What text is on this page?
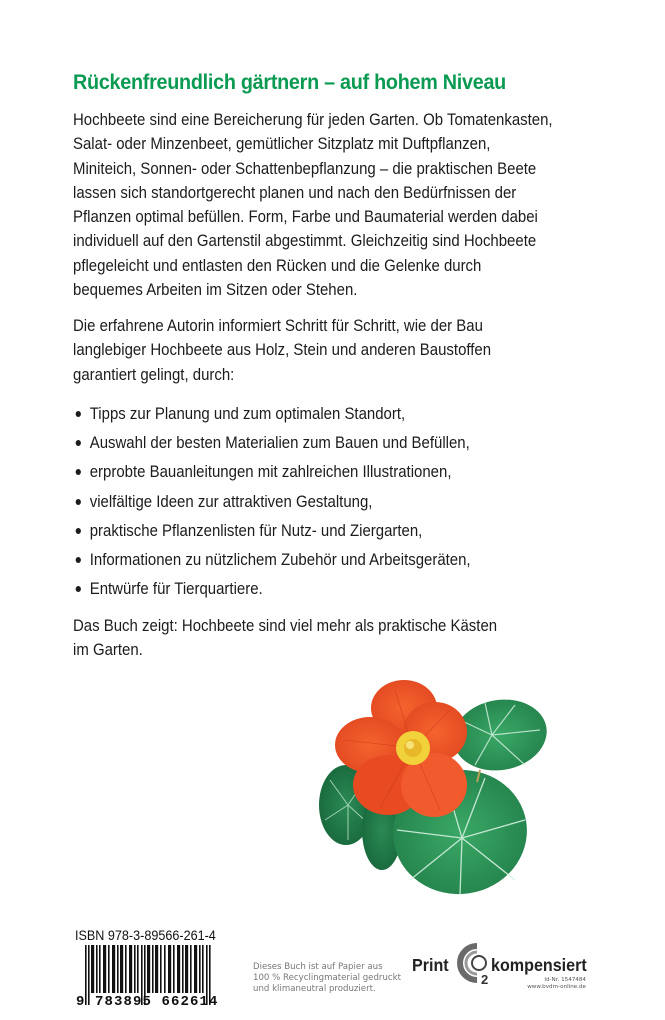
Rückenfreundlich gärtnern – auf hohem Niveau
Hochbeete sind eine Bereicherung für jeden Garten. Ob Tomatenkasten,
Salat- oder Minzenbeet, gemütlicher Sitzplatz mit Duftpflanzen,
Miniteich, Sonnen- oder Schattenbepflanzung – die praktischen Beete
lassen sich standortgerecht planen und nach den Bedürfnissen der
Pflanzen optimal befüllen. Form, Farbe und Baumaterial werden dabei
individuell auf den Gartenstil abgestimmt. Gleichzeitig sind Hochbeete
pflegeleicht und entlasten den Rücken und die Gelenke durch
bequemes Arbeiten im Sitzen oder Stehen.
Die erfahrene Autorin informiert Schritt für Schritt, wie der Bau
langlebiger Hochbeete aus Holz, Stein und anderen Baustoffen
garantiert gelingt, durch:
Tipps zur Planung und zum optimalen Standort,
Auswahl der besten Materialien zum Bauen und Befüllen,
erprobte Bauanleitungen mit zahlreichen Illustrationen,
vielfältige Ideen zur attraktiven Gestaltung,
praktische Pflanzenlisten für Nutz- und Ziergarten,
Informationen zu nützlichem Zubehör und Arbeitsgeräten,
Entwürfe für Tierquartiere.
Das Buch zeigt: Hochbeete sind viel mehr als praktische Kästen
im Garten.
ISBN 978-3-89566-261-4
9 783895 662614
Dieses Buch ist auf Papier aus
100 % Recyclingmaterial gedruckt
und klimaneutral produziert.
Print
2
kompensiert
Id-Nr. 1547484
www.bvdm-online.de
